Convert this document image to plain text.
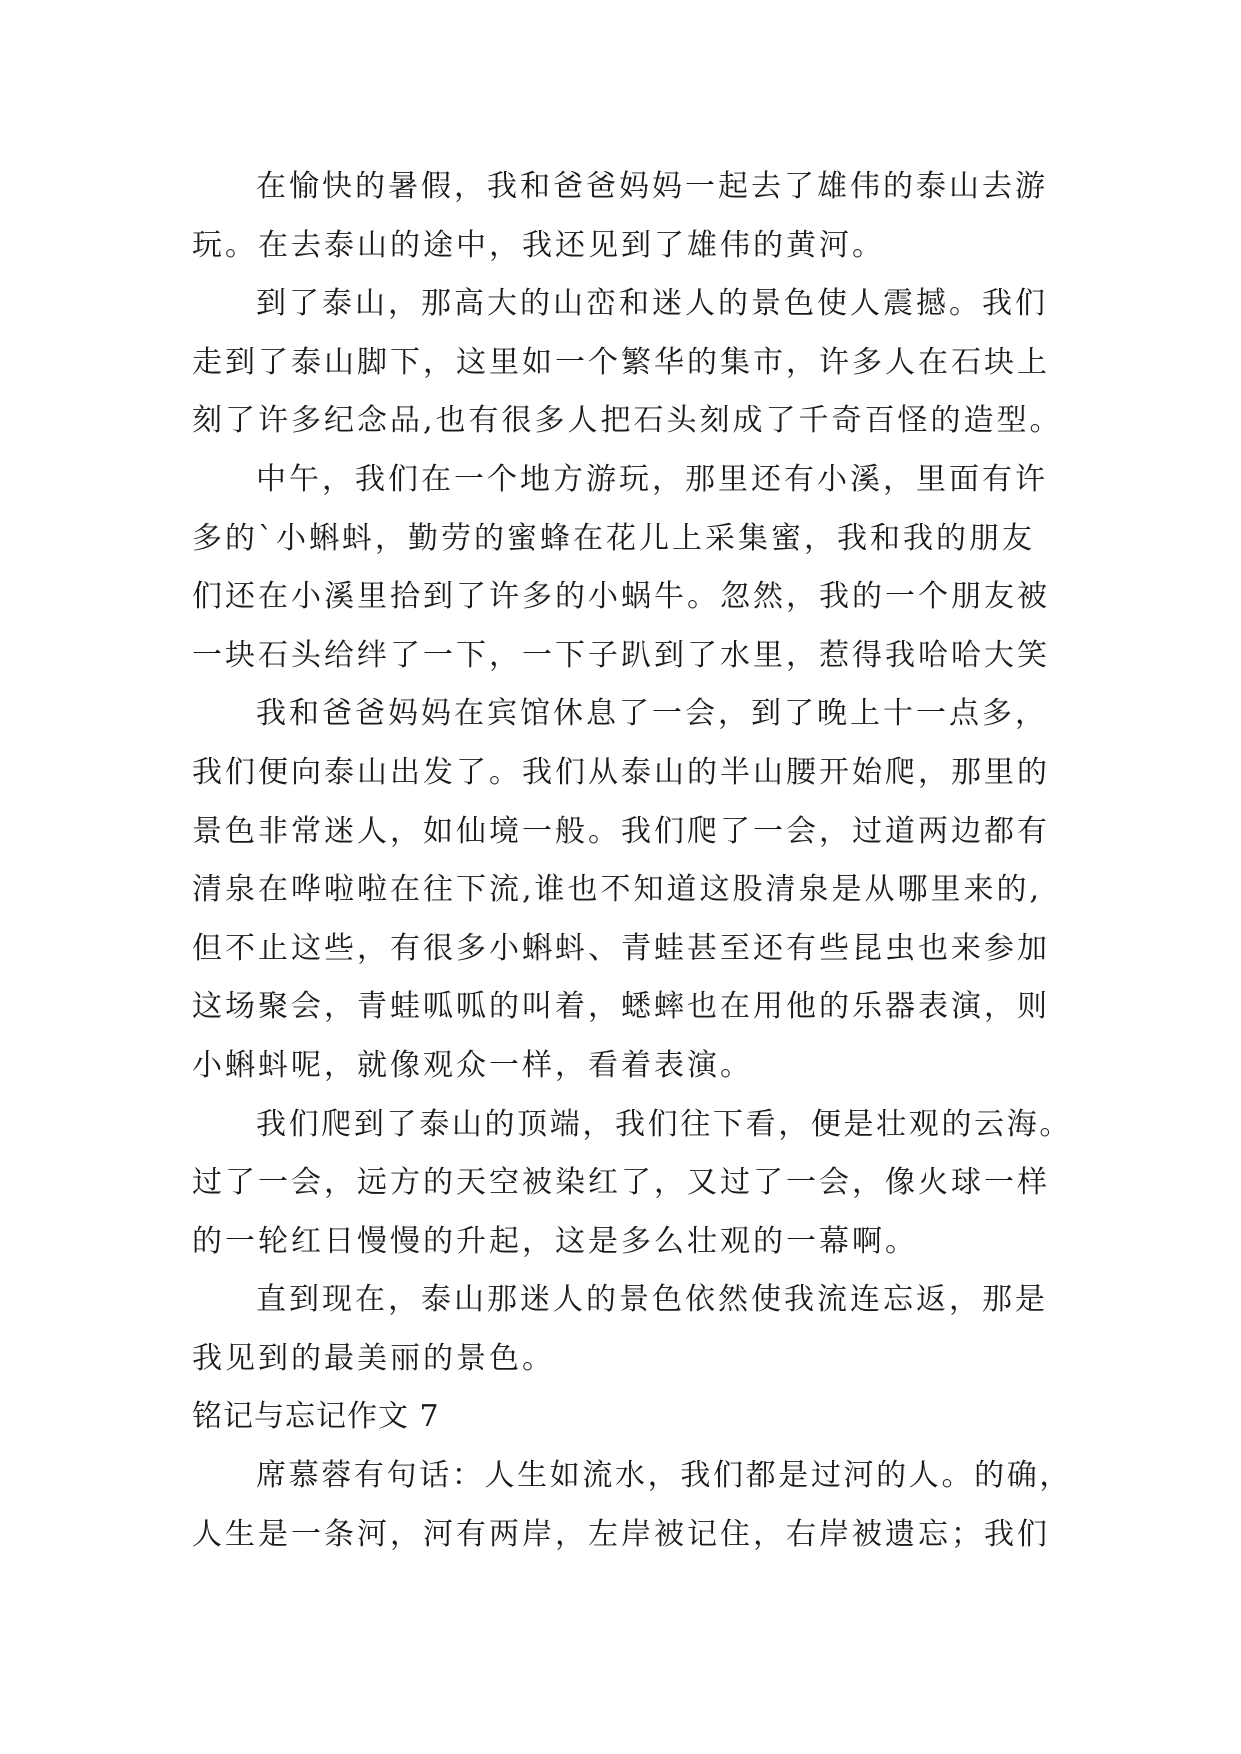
在愉快的暑假，我和爸爸妈妈一起去了雄伟的泰山去游
玩。在去泰山的途中，我还见到了雄伟的黄河。
到了泰山，那高大的山峦和迷人的景色使人震撼。我们
走到了泰山脚下，这里如一个繁华的集市，许多人在石块上
刻了许多纪念品,也有很多人把石头刻成了千奇百怪的造型。
中午，我们在一个地方游玩，那里还有小溪，里面有许
多的`小蝌蚪，勤劳的蜜蜂在花儿上采集蜜，我和我的朋友
们还在小溪里拾到了许多的小蜗牛。忽然，我的一个朋友被
一块石头给绊了一下，一下子趴到了水里，惹得我哈哈大笑
我和爸爸妈妈在宾馆休息了一会，到了晚上十一点多，
我们便向泰山出发了。我们从泰山的半山腰开始爬，那里的
景色非常迷人，如仙境一般。我们爬了一会，过道两边都有
清泉在哗啦啦在往下流,谁也不知道这股清泉是从哪里来的,
但不止这些，有很多小蝌蚪、青蛙甚至还有些昆虫也来参加
这场聚会，青蛙呱呱的叫着，蟋蟀也在用他的乐器表演，则
小蝌蚪呢，就像观众一样，看着表演。
我们爬到了泰山的顶端，我们往下看，便是壮观的云海。
过了一会，远方的天空被染红了，又过了一会，像火球一样
的一轮红日慢慢的升起，这是多么壮观的一幕啊。
直到现在，泰山那迷人的景色依然使我流连忘返，那是
我见到的最美丽的景色。
铭记与忘记作文 7
席慕蓉有句话：人生如流水，我们都是过河的人。的确，
人生是一条河，河有两岸，左岸被记住，右岸被遗忘；我们
